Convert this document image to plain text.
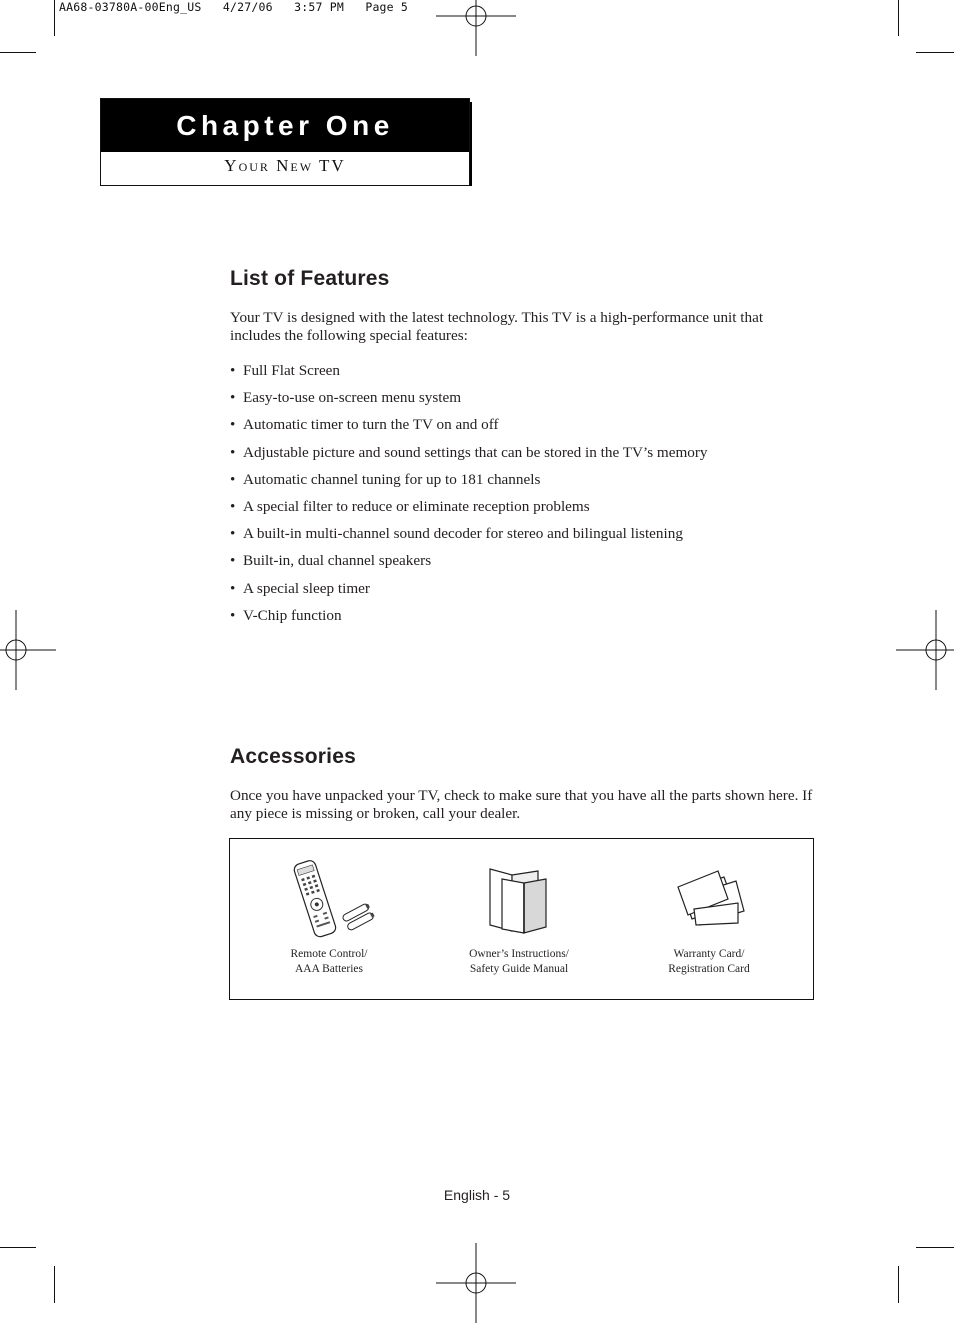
AA68-03780A-00Eng_US   4/27/06   3:57 PM   Page 5
Chapter One
Your New TV
List of Features
Your TV is designed with the latest technology. This TV is a high-performance unit that includes the following special features:
• Full Flat Screen
• Easy-to-use on-screen menu system
• Automatic timer to turn the TV on and off
• Adjustable picture and sound settings that can be stored in the TV’s memory
• Automatic channel tuning for up to 181 channels
• A special filter to reduce or eliminate reception problems
• A built-in multi-channel sound decoder for stereo and bilingual listening
• Built-in, dual channel speakers
• A special sleep timer
• V-Chip function
Accessories
Once you have unpacked your TV, check to make sure that you have all the parts shown here. If any piece is missing or broken, call your dealer.
Remote Control/
AAA Batteries
Owner’s Instructions/
Safety Guide Manual
Warranty Card/
Registration Card
English - 5
